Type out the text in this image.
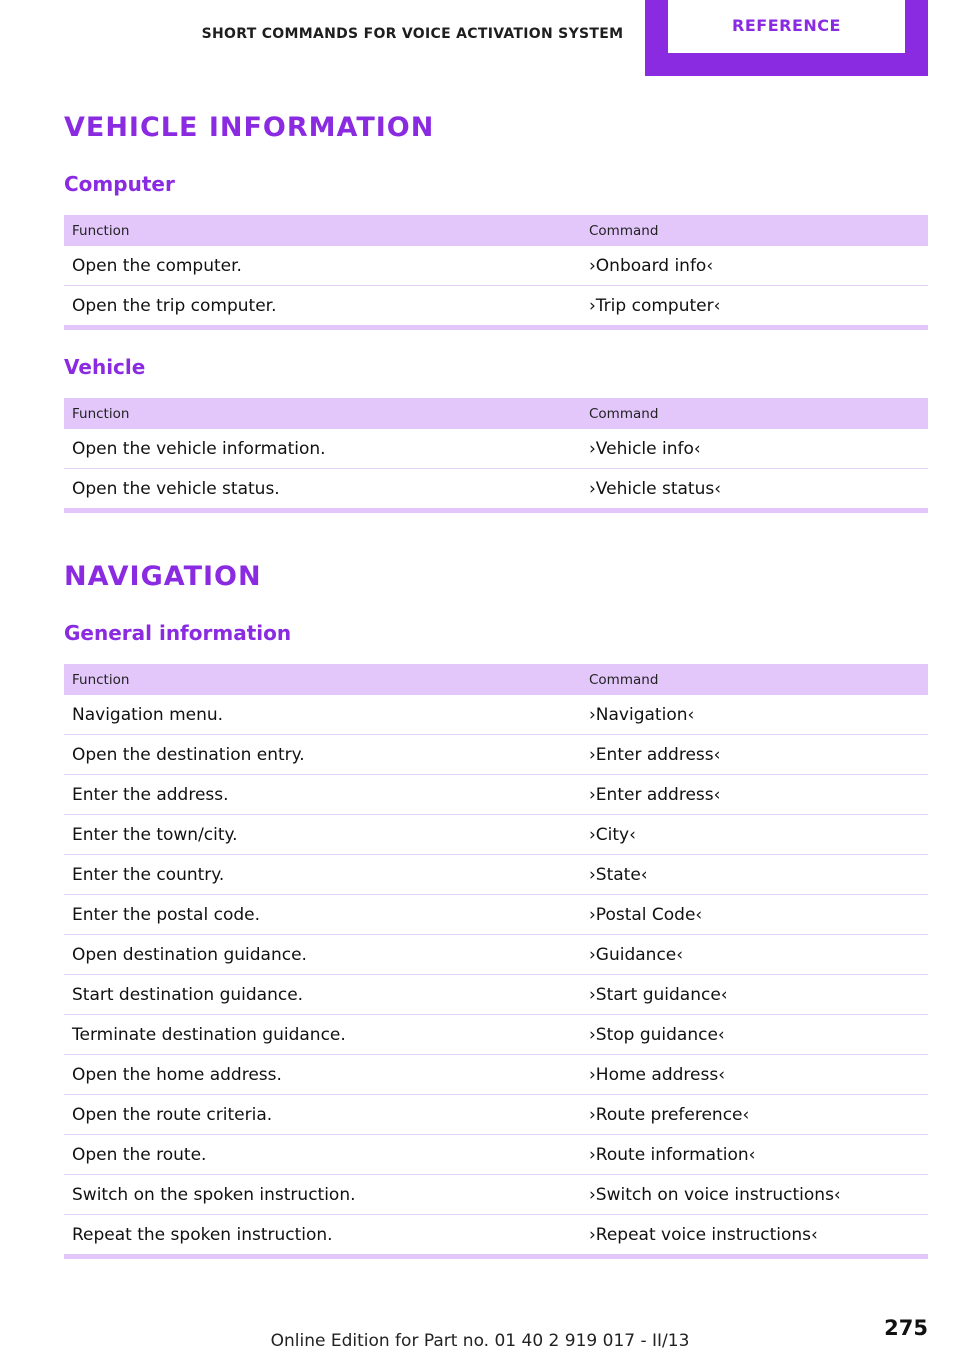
SHORT COMMANDS FOR VOICE ACTIVATION SYSTEM	REFERENCE
VEHICLE INFORMATION
Computer
Function	Command
Open the computer.	›Onboard info‹
Open the trip computer.	›Trip computer‹

Vehicle
Function	Command
Open the vehicle information.	›Vehicle info‹
Open the vehicle status.	›Vehicle status‹

NAVIGATION
General information
Function	Command
Navigation menu.	›Navigation‹
Open the destination entry.	›Enter address‹
Enter the address.	›Enter address‹
Enter the town/city.	›City‹
Enter the country.	›State‹
Enter the postal code.	›Postal Code‹
Open destination guidance.	›Guidance‹
Start destination guidance.	›Start guidance‹
Terminate destination guidance.	›Stop guidance‹
Open the home address.	›Home address‹
Open the route criteria.	›Route preference‹
Open the route.	›Route information‹
Switch on the spoken instruction.	›Switch on voice instructions‹
Repeat the spoken instruction.	›Repeat voice instructions‹

Online Edition for Part no. 01 40 2 919 017 - II/13
275
